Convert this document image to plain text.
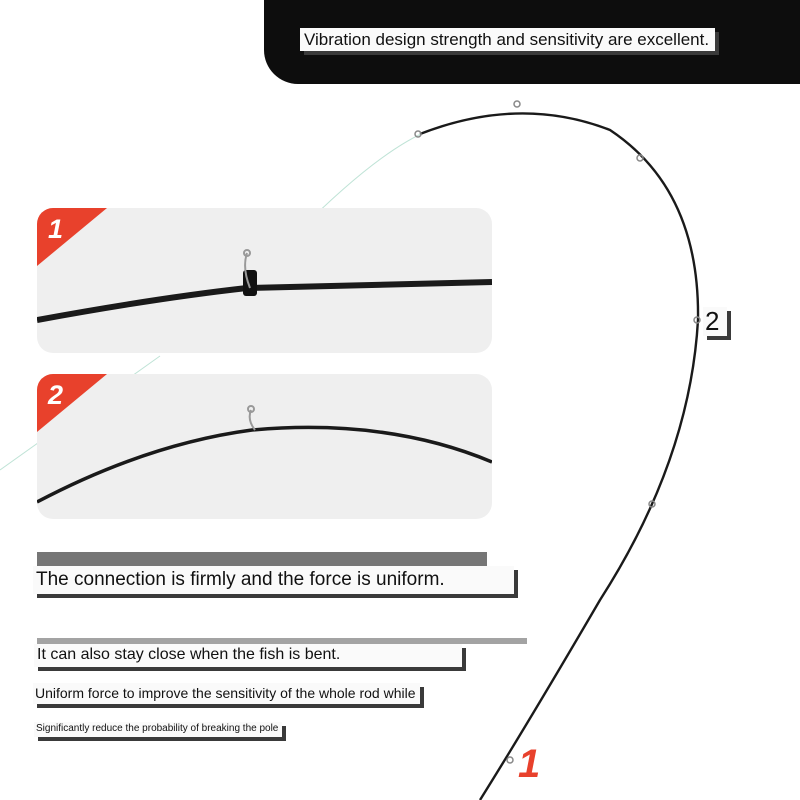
Vibration design strength and sensitivity are excellent.
1
2
2
The connection is firmly and the force is uniform.
It can also stay close when the fish is bent.
Uniform force to improve the sensitivity of the whole rod while
Significantly reduce the probability of breaking the pole
1
